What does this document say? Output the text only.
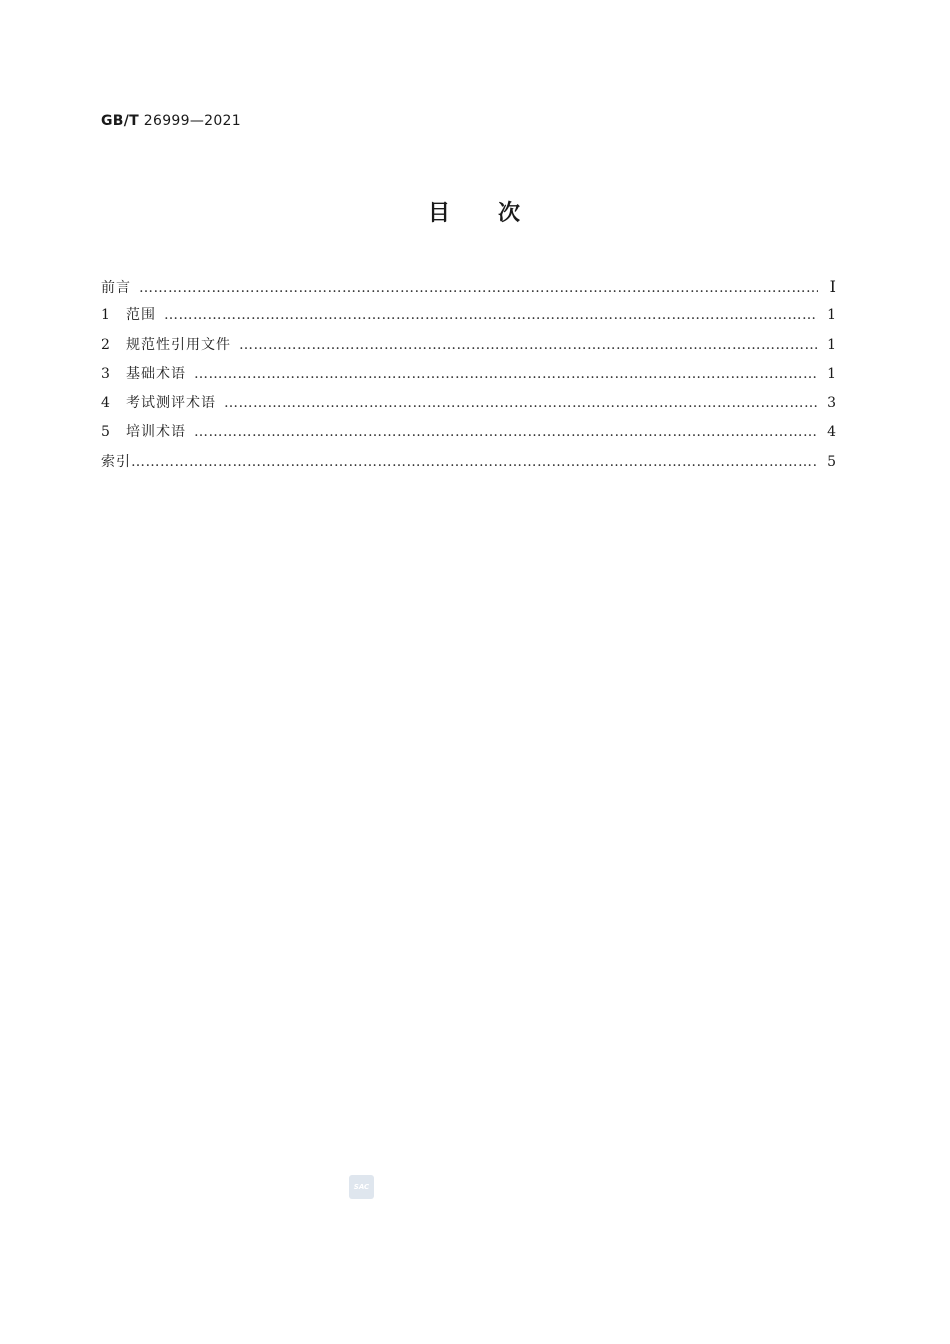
GB/T 26999—2021
目 次
前言 ……………………………………………………………………………………………………………………………………………………………………………………………………………………	Ⅰ
1	范围 ……………………………………………………………………………………………………………………………………………………………………………………………………………………	1
2	规范性引用文件 ……………………………………………………………………………………………………………………………………………………………………………………………………………………	1
3	基础术语 ……………………………………………………………………………………………………………………………………………………………………………………………………………………	1
4	考试测评术语 ……………………………………………………………………………………………………………………………………………………………………………………………………………………	3
5	培训术语 ……………………………………………………………………………………………………………………………………………………………………………………………………………………	4
索引 ……………………………………………………………………………………………………………………………………………………………………………………………………………………	5
SAC
